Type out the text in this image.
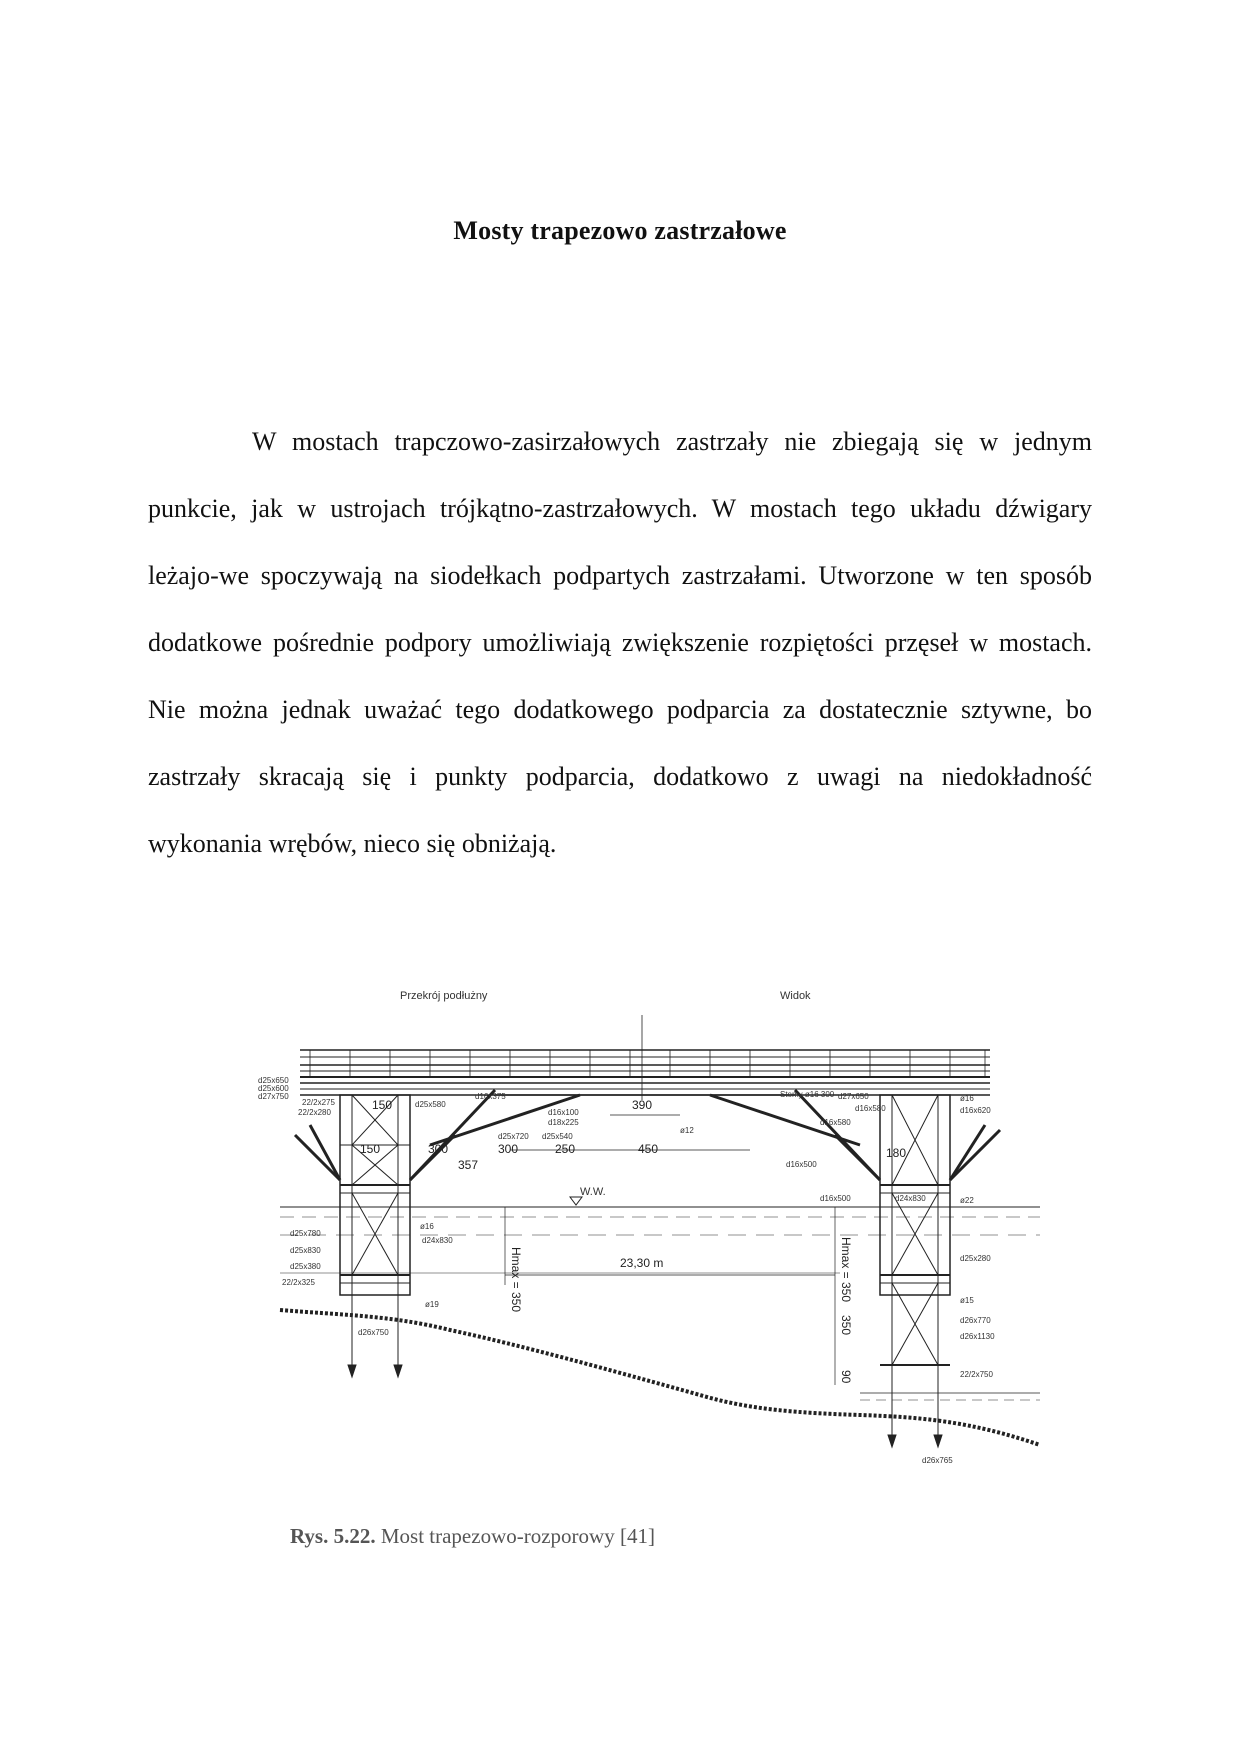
Mosty trapezowo zastrzałowe

W mostach trapczowo-zasirzałowych zastrzały nie zbiegają się w jednym punkcie, jak w ustrojach trójkątno-zastrzałowych. W mostach tego układu dźwigary leżajo-we spoczywają na siodełkach podpartych zastrzałami. Utworzone w ten sposób dodatkowe pośrednie podpory umożliwiają zwiększenie rozpiętości przęseł w mostach. Nie można jednak uważać tego dodatkowego podparcia za dostatecznie sztywne, bo zastrzały skracają się i punkty podparcia, dodatkowo z uwagi na niedokładność wykonania wrębów, nieco się obniżają.

Przekrój podłużny	Widok
W.W.
23,30 m
150
150	300	300
357
250
390
450	180
ø12
Hmax = 350	Hmax = 350
350
90
d25x650
d25x600
d27x750
22/2x275
22/2x280
d25x580
d16x375
d16x100
d18x225
d25x720 d25x540
d27x650
d16x580
d16x500
d25x780
d25x830
d25x380
22/2x325
d24x830
d26x750
ø16
ø19	ø15
ø22
d25x280
d26x770
d26x1130
22/2x750
d26x765
d24x830
d16x620
ø16
Stemy ø16 300
d16x500
d16x580
Rys. 5.22. Most trapezowo-rozporowy [41]
